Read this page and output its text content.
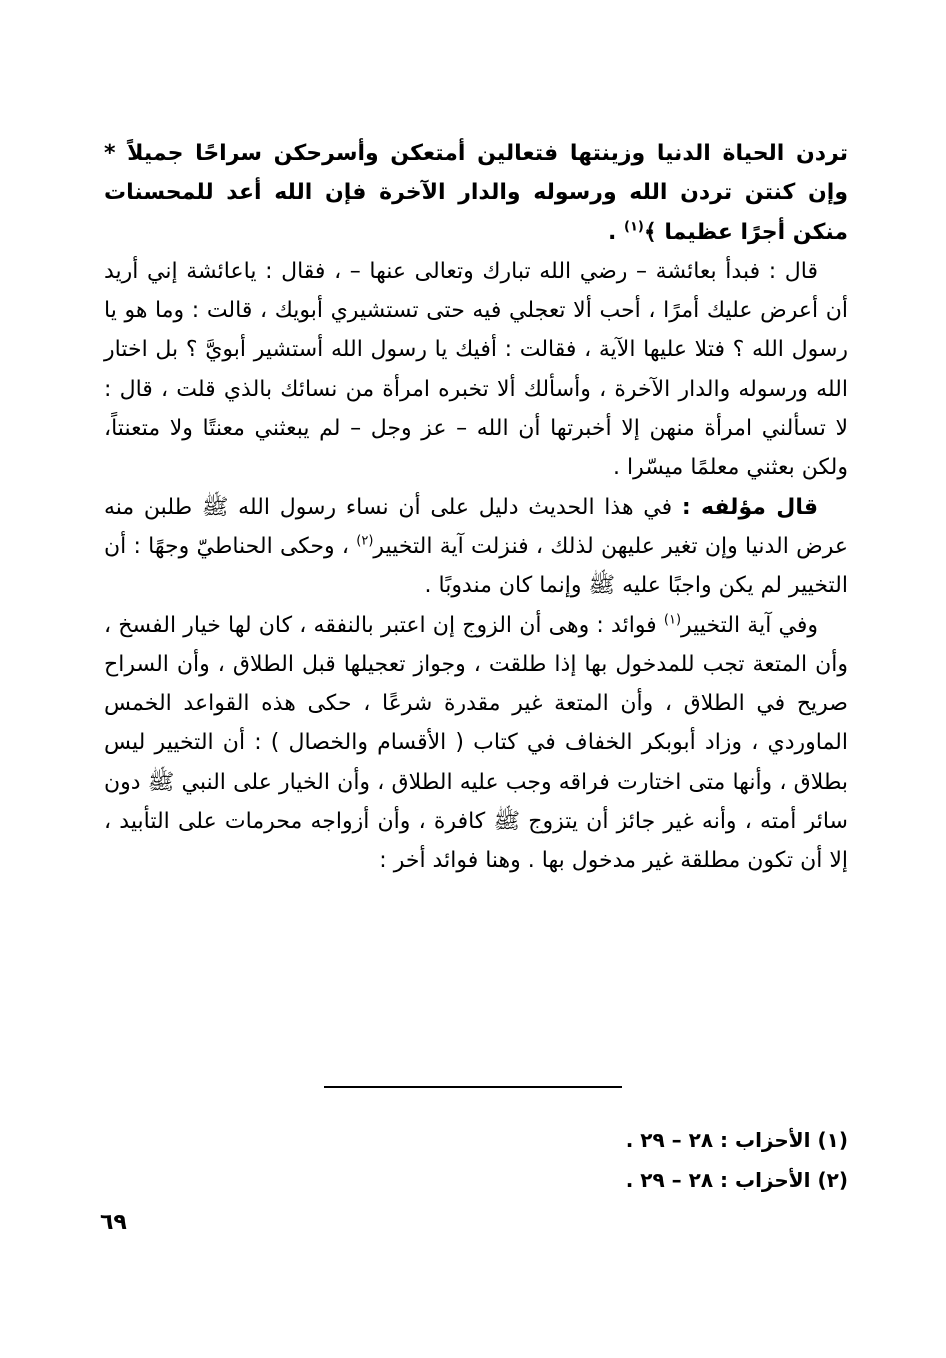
تردن الحياة الدنيا وزينتها فتعالين أمتعكن وأسرحكن سراحًا جميلاً * وإن كنتن تردن الله ورسوله والدار الآخرة فإن الله أعد للمحسنات منكن أجرًا عظيما ﴾$^{(١)}$ .

قال : فبدأ بعائشة – رضي الله تبارك وتعالى عنها – ، فقال : ياعائشة إني أريد أن أعرض عليك أمرًا ، أحب ألا تعجلي فيه حتى تستشيري أبويك ، قالت : وما هو يا رسول الله ؟ فتلا عليها الآية ، فقالت : أفيك يا رسول الله أستشير أبويَّ ؟ بل اختار الله ورسوله والدار الآخرة ، وأسألك ألا تخبره امرأة من نسائك بالذي قلت ، قال : لا تسألني امرأة منهن إلا أخبرتها أن الله – عز وجل – لم يبعثني معنتًا ولا متعنتاً، ولكن بعثني معلمًا ميسّرا .

قال مؤلفه : في هذا الحديث دليل على أن نساء رسول الله ﷺ طلبن منه عرض الدنيا وإن تغير عليهن لذلك ، فنزلت آية التخيير$^{(٢)}$ ، وحكى الحناطيّ وجهًا : أن التخيير لم يكن واجبًا عليه ﷺ وإنما كان مندوبًا .

وفي آية التخيير$^{(١)}$ فوائد : وهى أن الزوج إن اعتبر بالنفقه ، كان لها خيار الفسخ ، وأن المتعة تجب للمدخول بها إذا طلقت ، وجواز تعجيلها قبل الطلاق ، وأن السراح صريح في الطلاق ، وأن المتعة غير مقدرة شرعًا ، حكى هذه القواعد الخمس الماوردي ، وزاد أبوبكر الخفاف في كتاب ( الأقسام والخصال ) : أن التخيير ليس بطلاق ، وأنها متى اختارت فراقه وجب عليه الطلاق ، وأن الخيار على النبي ﷺ دون سائر أمته ، وأنه غير جائز أن يتزوج ﷺ كافرة ، وأن أزواجه محرمات على التأبيد ، إلا أن تكون مطلقة غير مدخول بها . وهنا فوائد أخر :

(١) الأحزاب : ٢٨ – ٢٩ .

(٢) الأحزاب : ٢٨ – ٢٩ .

٦٩
